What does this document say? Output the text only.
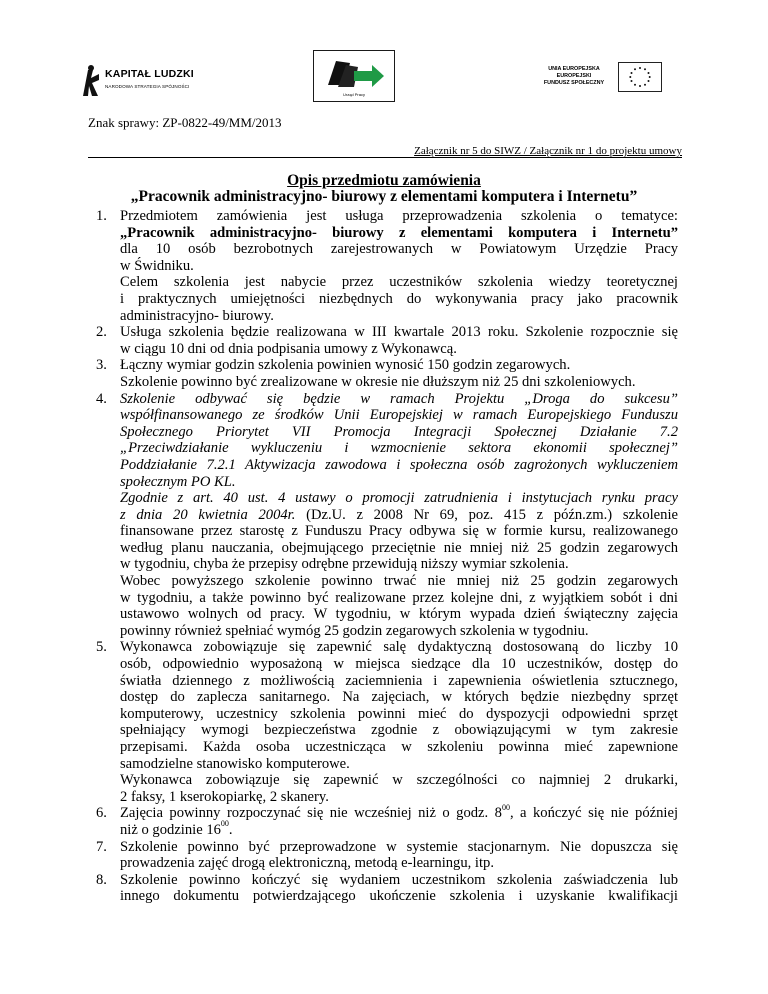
KAPITAŁ LUDZKI
NARODOWA STRATEGIA SPÓJNOŚCI
Urząd Pracy
UNIA EUROPEJSKA
EUROPEJSKI
FUNDUSZ SPOŁECZNY
Znak sprawy: ZP-0822-49/MM/2013
Załącznik nr 5 do SIWZ / Załącznik nr 1 do projektu umowy
Opis przedmiotu zamówienia
„Pracownik administracyjno- biurowy z elementami komputera i Internetu”
1. Przedmiotem zamówienia jest usługa przeprowadzenia szkolenia o tematyce:

„Pracownik administracyjno- biurowy z elementami komputera i Internetu”

dla 10 osób bezrobotnych zarejestrowanych w Powiatowym Urzędzie Pracy

w Świdniku.

Celem szkolenia jest nabycie przez uczestników szkolenia wiedzy teoretycznej

i praktycznych umiejętności niezbędnych do wykonywania pracy jako pracownik

administracyjno- biurowy.

2. Usługa szkolenia będzie realizowana w III kwartale 2013 roku. Szkolenie rozpocznie się

w ciągu 10 dni od dnia podpisania umowy z Wykonawcą.

3. Łączny wymiar godzin szkolenia powinien wynosić 150 godzin zegarowych.

Szkolenie powinno być zrealizowane w okresie nie dłuższym niż 25 dni szkoleniowych.

4. Szkolenie odbywać się będzie w ramach Projektu „Droga do sukcesu”

współfinansowanego ze środków Unii Europejskiej w ramach Europejskiego Funduszu

Społecznego Priorytet VII Promocja Integracji Społecznej Działanie 7.2

„Przeciwdziałanie wykluczeniu i wzmocnienie sektora ekonomii społecznej”

Poddziałanie 7.2.1 Aktywizacja zawodowa i społeczna osób zagrożonych wykluczeniem

społecznym PO KL.

Zgodnie z art. 40 ust. 4 ustawy o promocji zatrudnienia i instytucjach rynku pracy

z dnia 20 kwietnia 2004r. (Dz.U. z 2008 Nr 69, poz. 415 z późn.zm.) szkolenie

finansowane przez starostę z Funduszu Pracy odbywa się w formie kursu, realizowanego

według planu nauczania, obejmującego przeciętnie nie mniej niż 25 godzin zegarowych

w tygodniu, chyba że przepisy odrębne przewidują niższy wymiar szkolenia.

Wobec powyższego szkolenie powinno trwać nie mniej niż 25 godzin zegarowych

w tygodniu, a także powinno być realizowane przez kolejne dni, z wyjątkiem sobót i dni

ustawowo wolnych od pracy. W tygodniu, w którym wypada dzień świąteczny zajęcia

powinny również spełniać wymóg 25 godzin zegarowych szkolenia w tygodniu.

5. Wykonawca zobowiązuje się zapewnić salę dydaktyczną dostosowaną do liczby 10

osób, odpowiednio wyposażoną w miejsca siedzące dla 10 uczestników, dostęp do

światła dziennego z możliwością zaciemnienia i zapewnienia oświetlenia sztucznego,

dostęp do zaplecza sanitarnego. Na zajęciach, w których będzie niezbędny sprzęt

komputerowy, uczestnicy szkolenia powinni mieć do dyspozycji odpowiedni sprzęt

spełniający wymogi bezpieczeństwa zgodnie z obowiązującymi w tym zakresie

przepisami. Każda osoba uczestnicząca w szkoleniu powinna mieć zapewnione

samodzielne stanowisko komputerowe.

Wykonawca zobowiązuje się zapewnić w szczególności co najmniej 2 drukarki,

2 faksy, 1 kserokopiarkę, 2 skanery.

6. Zajęcia powinny rozpoczynać się nie wcześniej niż o godz. $8^{00}$, a kończyć się nie później

niż o godzinie $16^{00}$.

7. Szkolenie powinno być przeprowadzone w systemie stacjonarnym. Nie dopuszcza się

prowadzenia zajęć drogą elektroniczną, metodą e-learningu, itp.

8. Szkolenie powinno kończyć się wydaniem uczestnikom szkolenia zaświadczenia lub

innego dokumentu potwierdzającego ukończenie szkolenia i uzyskanie kwalifikacji
